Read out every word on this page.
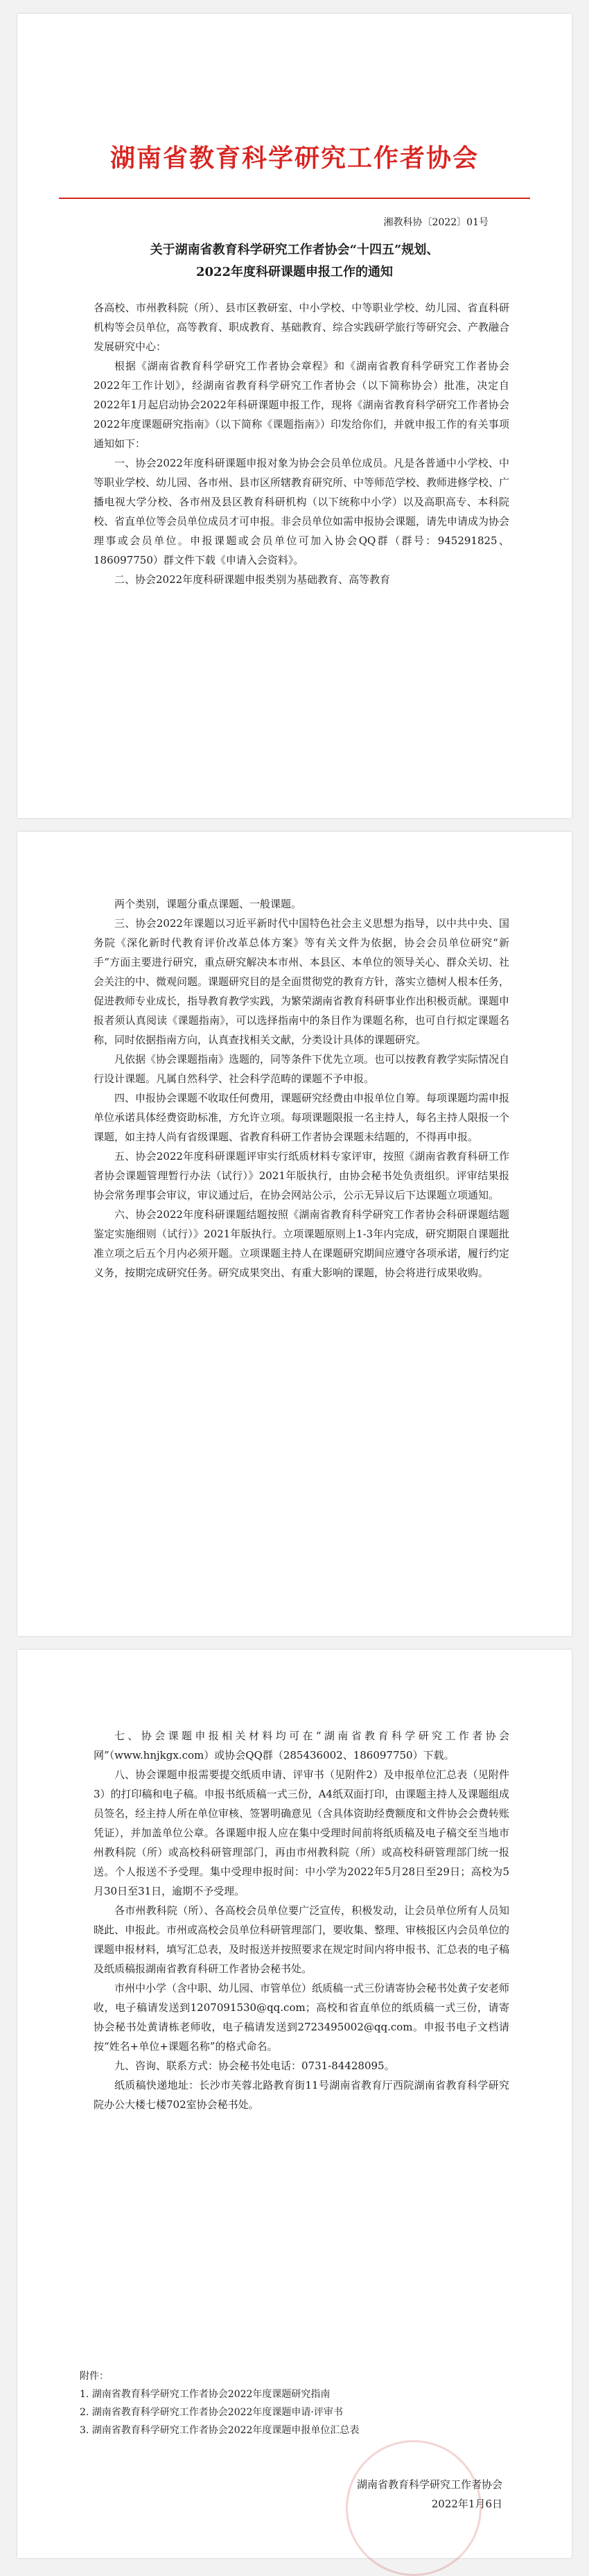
湖南省教育科学研究工作者协会
湘教科协〔2022〕01号
关于湖南省教育科学研究工作者协会“十四五”规划、
2022年度科研课题申报工作的通知

各高校、市州教科院（所）、县市区教研室、中小学校、中等职业学校、幼儿园、省直科研机构等会员单位，高等教育、职成教育、基础教育、综合实践研学旅行等研究会、产教融合发展研究中心：

根据《湖南省教育科学研究工作者协会章程》和《湖南省教育科学研究工作者协会2022年工作计划》，经湖南省教育科学研究工作者协会（以下简称协会）批准，决定自2022年1月起启动协会2022年科研课题申报工作，现将《湖南省教育科学研究工作者协会2022年度课题研究指南》（以下简称《课题指南》）印发给你们，并就申报工作的有关事项通知如下：

一、协会2022年度科研课题申报对象为协会会员单位成员。凡是各普通中小学校、中等职业学校、幼儿园、各市州、县市区所辖教育研究所、中等师范学校、教师进修学校、广播电视大学分校、各市州及县区教育科研机构（以下统称中小学）以及高职高专、本科院校、省直单位等会员单位成员才可申报。非会员单位如需申报协会课题，请先申请成为协会理事或会员单位。申报课题或会员单位可加入协会QQ群（群号：945291825、186097750）群文件下载《申请入会资料》。

二、协会2022年度科研课题申报类别为基础教育、高等教育

两个类别，课题分重点课题、一般课题。

三、协会2022年课题以习近平新时代中国特色社会主义思想为指导，以中共中央、国务院《深化新时代教育评价改革总体方案》等有关文件为依据，协会会员单位研究“新手”方面主要进行研究，重点研究解决本市州、本县区、本单位的领导关心、群众关切、社会关注的中、微观问题。课题研究目的是全面贯彻党的教育方针，落实立德树人根本任务，促进教师专业成长，指导教育教学实践，为繁荣湖南省教育科研事业作出积极贡献。课题申报者须认真阅读《课题指南》，可以选择指南中的条目作为课题名称，也可自行拟定课题名称，同时依据指南方向，认真查找相关文献，分类设计具体的课题研究。

凡依据《协会课题指南》选题的，同等条件下优先立项。也可以按教育教学实际情况自行设计课题。凡属自然科学、社会科学范畴的课题不予申报。

四、申报协会课题不收取任何费用，课题研究经费由申报单位自筹。每项课题均需申报单位承诺具体经费资助标准，方允许立项。每项课题限报一名主持人，每名主持人限报一个课题，如主持人尚有省级课题、省教育科研工作者协会课题未结题的，不得再申报。

五、协会2022年度科研课题评审实行纸质材料专家评审，按照《湖南省教育科研工作者协会课题管理暂行办法（试行）》2021年版执行，由协会秘书处负责组织。评审结果报协会常务理事会审议，审议通过后，在协会网站公示，公示无异议后下达课题立项通知。

六、协会2022年度科研课题结题按照《湖南省教育科学研究工作者协会科研课题结题鉴定实施细则（试行）》2021年版执行。立项课题原则上1-3年内完成，研究期限自课题批准立项之后五个月内必须开题。立项课题主持人在课题研究期间应遵守各项承诺，履行约定义务，按期完成研究任务。研究成果突出、有重大影响的课题，协会将进行成果收购。

七、协会课题申报相关材料均可在“湖南省教育科学研究工作者协会网”（www.hnjkgx.com）或协会QQ群（285436002、186097750）下载。

八、协会课题申报需要提交纸质申请、评审书（见附件2）及申报单位汇总表（见附件3）的打印稿和电子稿。申报书纸质稿一式三份，A4纸双面打印，由课题主持人及课题组成员签名，经主持人所在单位审核、签署明确意见（含具体资助经费额度和文件协会会费转账凭证），并加盖单位公章。各课题申报人应在集中受理时间前将纸质稿及电子稿交至当地市州教科院（所）或高校科研管理部门，再由市州教科院（所）或高校科研管理部门统一报送。个人报送不予受理。集中受理申报时间：中小学为2022年5月28日至29日；高校为5月30日至31日，逾期不予受理。

各市州教科院（所）、各高校会员单位要广泛宣传，积极发动，让会员单位所有人员知晓此、申报此。市州或高校会员单位科研管理部门，要收集、整理、审核报区内会员单位的课题申报材料，填写汇总表，及时报送并按照要求在规定时间内将申报书、汇总表的电子稿及纸质稿报湖南省教育科研工作者协会秘书处。

市州中小学（含中职、幼儿园、市管单位）纸质稿一式三份请寄协会秘书处黄子安老师收，电子稿请发送到1207091530@qq.com；高校和省直单位的纸质稿一式三份，请寄协会秘书处黄请栋老师收，电子稿请发送到2723495002@qq.com。申报书电子文档请按“姓名+单位+课题名称”的格式命名。

九、咨询、联系方式：协会秘书处电话：0731-84428095。

纸质稿快递地址：长沙市芙蓉北路教育街11号湖南省教育厅西院湖南省教育科学研究院办公大楼七楼702室协会秘书处。

附件：
1. 湖南省教育科学研究工作者协会2022年度课题研究指南
2. 湖南省教育科学研究工作者协会2022年度课题申请·评审书
3. 湖南省教育科学研究工作者协会2022年度课题申报单位汇总表
湖南省教育科学研究工作者协会
2022年1月6日
